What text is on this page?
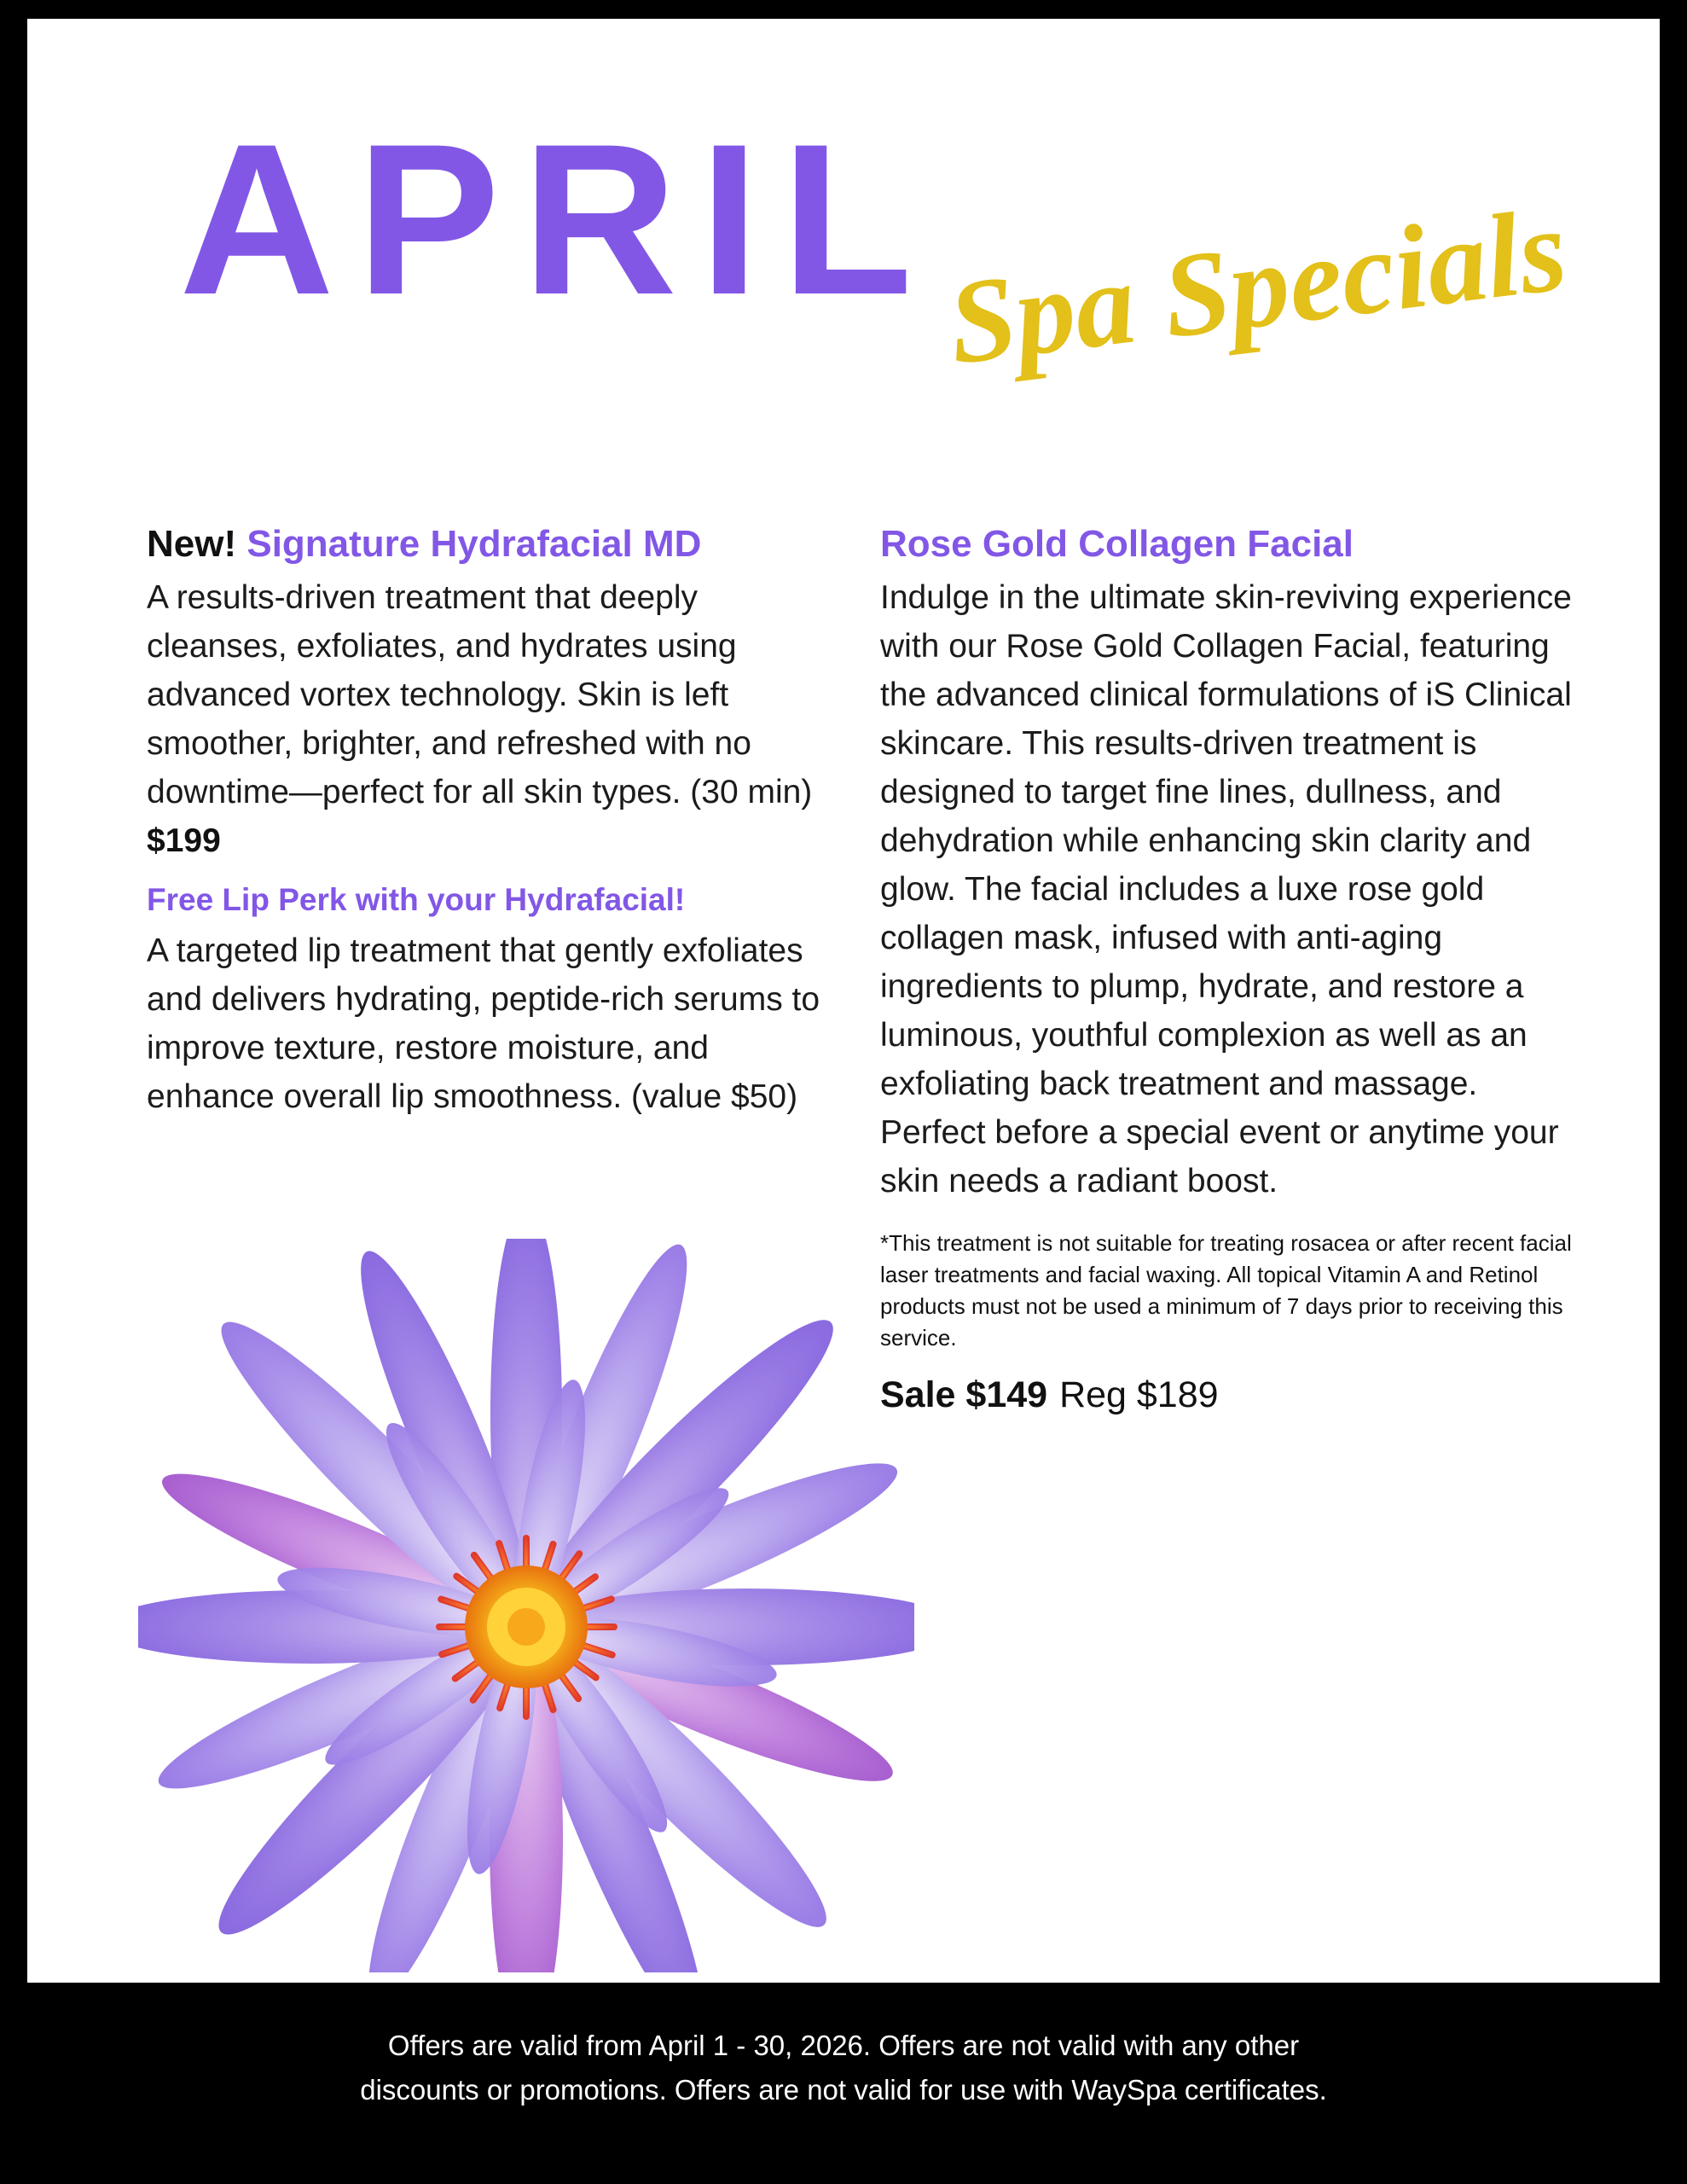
APRIL Spa Specials
New! Signature Hydrafacial MD

A results-driven treatment that deeply cleanses, exfoliates, and hydrates using advanced vortex technology. Skin is left smoother, brighter, and refreshed with no downtime—perfect for all skin types. (30 min) $199

Free Lip Perk with your Hydrafacial!

A targeted lip treatment that gently exfoliates and delivers hydrating, peptide-rich serums to improve texture, restore moisture, and enhance overall lip smoothness. (value $50)

Rose Gold Collagen Facial

Indulge in the ultimate skin-reviving experience with our Rose Gold Collagen Facial, featuring the advanced clinical formulations of iS Clinical skincare. This results-driven treatment is designed to target fine lines, dullness, and dehydration while enhancing skin clarity and glow. The facial includes a luxe rose gold collagen mask, infused with anti-aging ingredients to plump, hydrate, and restore a luminous, youthful complexion as well as an exfoliating back treatment and massage. Perfect before a special event or anytime your skin needs a radiant boost.

*This treatment is not suitable for treating rosacea or after recent facial laser treatments and facial waxing. All topical Vitamin A and Retinol products must not be used a minimum of 7 days prior to receiving this service.

Sale $149 Reg $189

Offers are valid from April 1 - 30, 2026. Offers are not valid with any other
discounts or promotions. Offers are not valid for use with WaySpa certificates.
